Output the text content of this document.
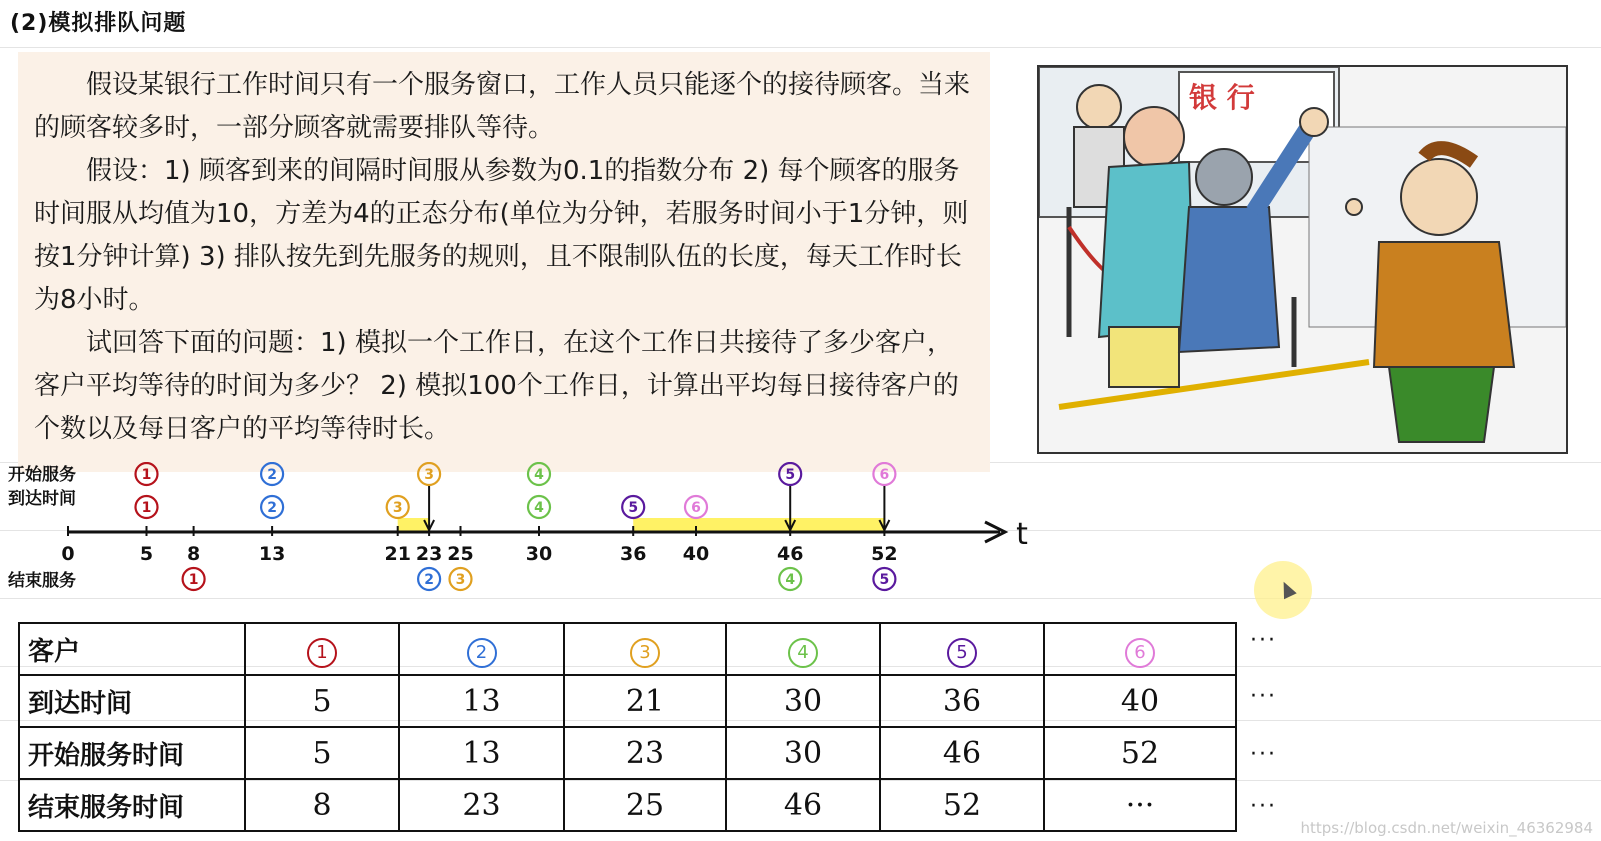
(2)模拟排队问题
假设某银行工作时间只有一个服务窗口，工作人员只能逐个的接待顾客。当来的顾客较多时，一部分顾客就需要排队等待。
假设：1) 顾客到来的间隔时间服从参数为0.1的指数分布 2) 每个顾客的服务时间服从均值为10，方差为4的正态分布(单位为分钟，若服务时间小于1分钟，则按1分钟计算) 3) 排队按先到先服务的规则，且不限制队伍的长度，每天工作时长为8小时。
试回答下面的问题：1) 模拟一个工作日，在这个工作日共接待了多少客户，客户平均等待的时间为多少？ 2) 模拟100个工作日，计算出平均每日接待客户的个数以及每日客户的平均等待时长。
银 行
t
开始服务
到达时间
结束服务
0	5 8	13	21 23 25	30	36 40	46	52
1
1
2
2
3
3
4
4
5
5
6
6
1	2 3	4	5
客户	1	2	3	4	5	6
到达时间	5	13	21	30	36	40
开始服务时间	5	13	23	30	46	52
结束服务时间	8	23	25	46	52	···
···
···
···
···
https://blog.csdn.net/weixin_46362984
